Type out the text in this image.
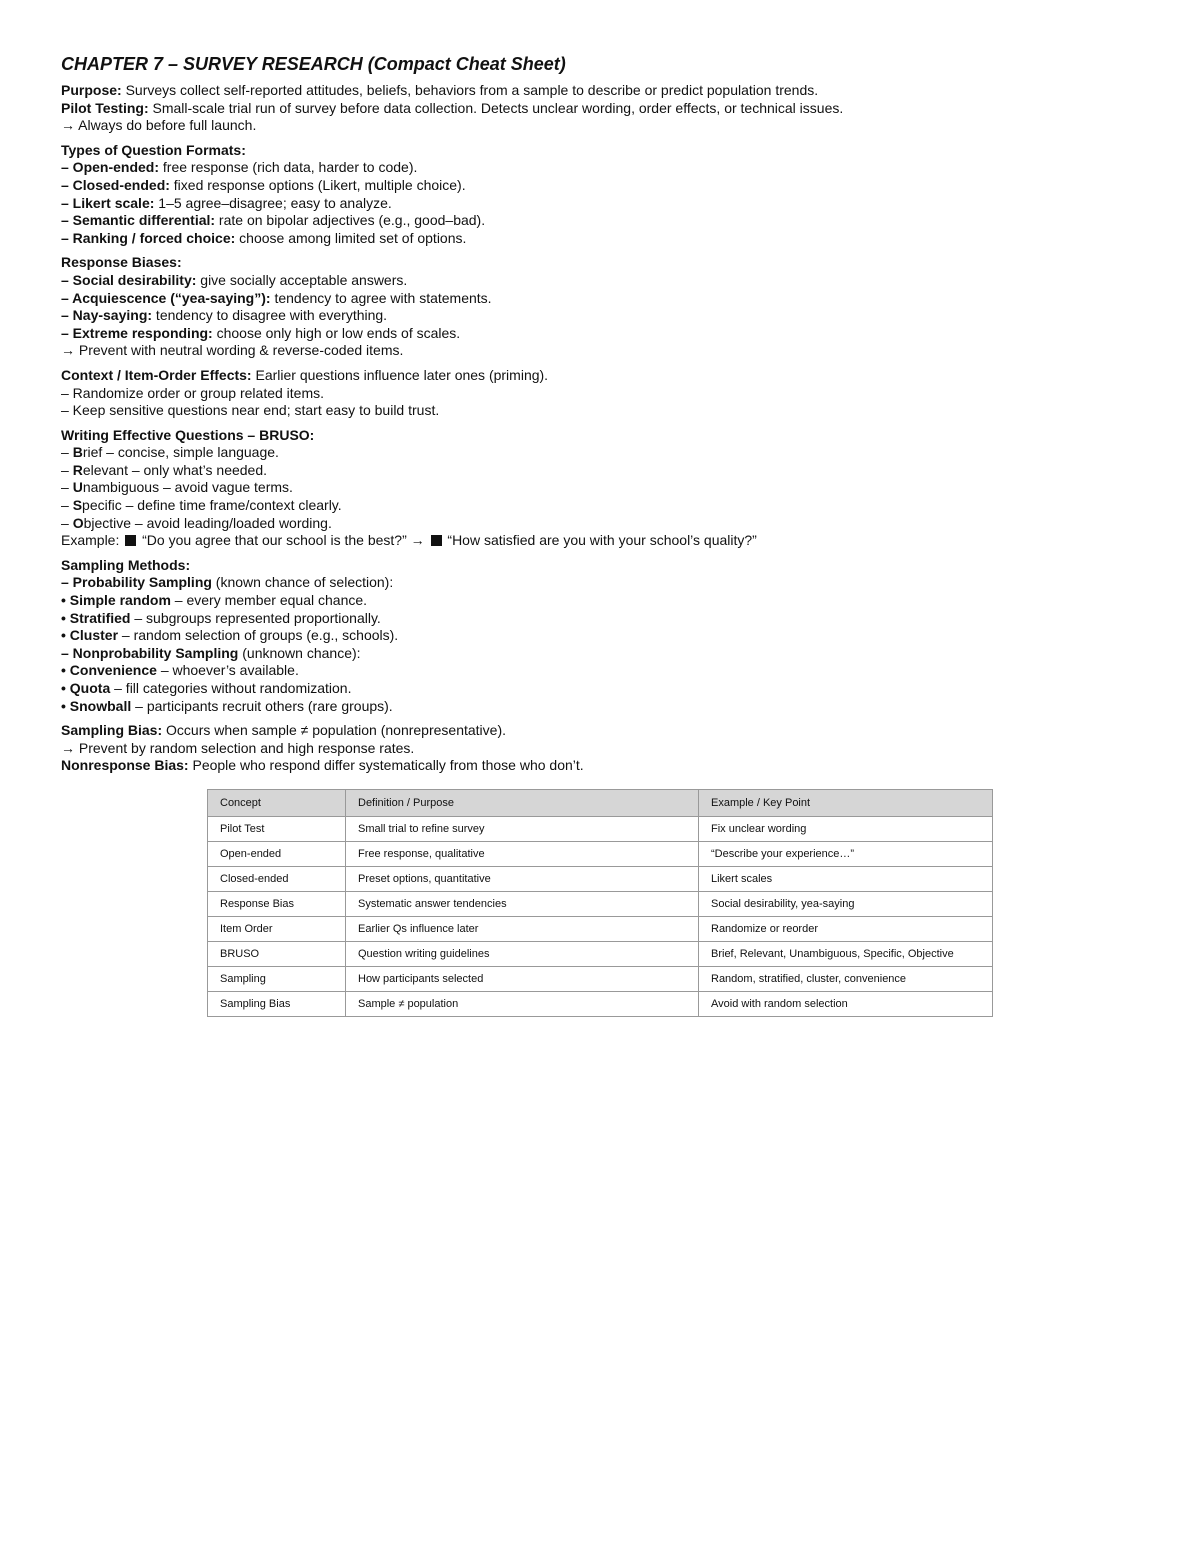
CHAPTER 7 – SURVEY RESEARCH (Compact Cheat Sheet)
Purpose: Surveys collect self-reported attitudes, beliefs, behaviors from a sample to describe or predict population trends.
Pilot Testing: Small-scale trial run of survey before data collection. Detects unclear wording, order effects, or technical issues.
→ Always do before full launch.
Types of Question Formats:
– Open-ended: free response (rich data, harder to code).
– Closed-ended: fixed response options (Likert, multiple choice).
– Likert scale: 1–5 agree–disagree; easy to analyze.
– Semantic differential: rate on bipolar adjectives (e.g., good–bad).
– Ranking / forced choice: choose among limited set of options.
Response Biases:
– Social desirability: give socially acceptable answers.
– Acquiescence (“yea-saying”): tendency to agree with statements.
– Nay-saying: tendency to disagree with everything.
– Extreme responding: choose only high or low ends of scales.
→ Prevent with neutral wording & reverse-coded items.
Context / Item-Order Effects: Earlier questions influence later ones (priming).
– Randomize order or group related items.
– Keep sensitive questions near end; start easy to build trust.
Writing Effective Questions – BRUSO:
– Brief – concise, simple language.
– Relevant – only what’s needed.
– Unambiguous – avoid vague terms.
– Specific – define time frame/context clearly.
– Objective – avoid leading/loaded wording.
Example:  “Do you agree that our school is the best?” →  “How satisfied are you with your school’s quality?”
Sampling Methods:
– Probability Sampling (known chance of selection):
• Simple random – every member equal chance.
• Stratified – subgroups represented proportionally.
• Cluster – random selection of groups (e.g., schools).
– Nonprobability Sampling (unknown chance):
• Convenience – whoever’s available.
• Quota – fill categories without randomization.
• Snowball – participants recruit others (rare groups).
Sampling Bias: Occurs when sample ≠ population (nonrepresentative).
→ Prevent by random selection and high response rates.
Nonresponse Bias: People who respond differ systematically from those who don’t.
Concept	Definition / Purpose	Example / Key Point
Pilot Test	Small trial to refine survey	Fix unclear wording
Open-ended	Free response, qualitative	“Describe your experience…”
Closed-ended	Preset options, quantitative	Likert scales
Response Bias	Systematic answer tendencies	Social desirability, yea-saying
Item Order	Earlier Qs influence later	Randomize or reorder
BRUSO	Question writing guidelines	Brief, Relevant, Unambiguous, Specific, Objective
Sampling	How participants selected	Random, stratified, cluster, convenience
Sampling Bias	Sample ≠ population	Avoid with random selection
